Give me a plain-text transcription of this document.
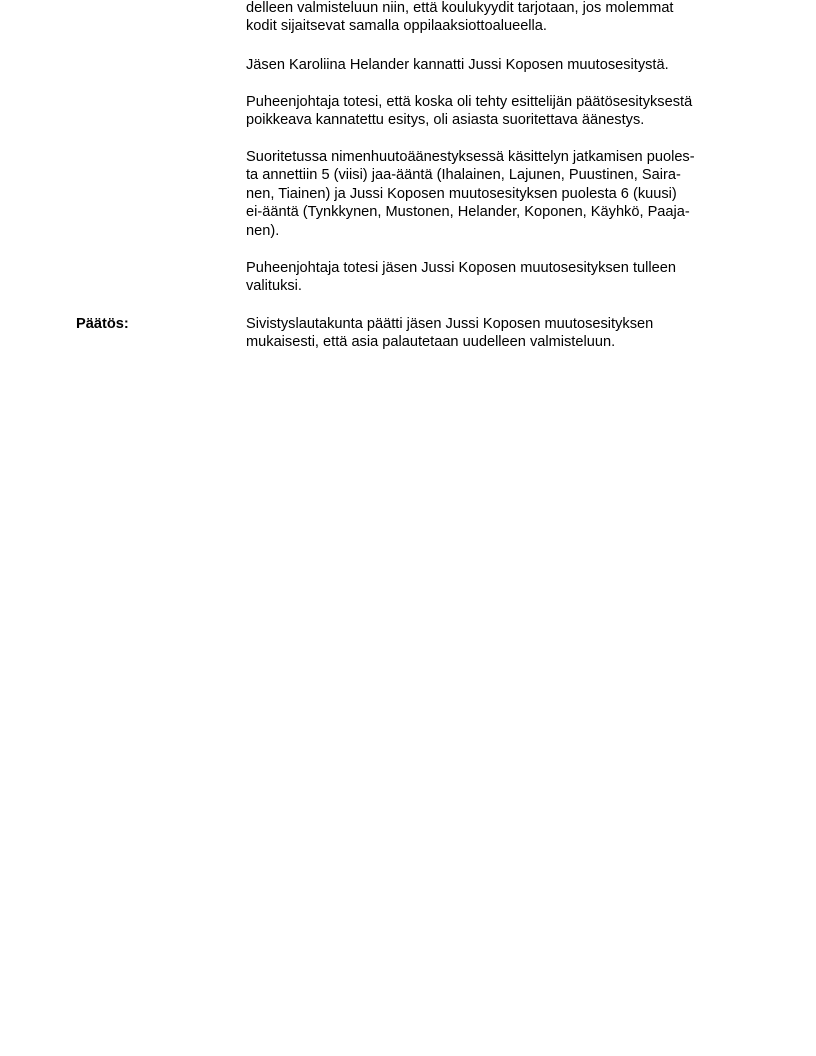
delleen valmisteluun niin, että koulukyydit tarjotaan, jos molemmat
kodit sijaitsevat samalla oppilaaksiottoalueella.
Jäsen Karoliina Helander kannatti Jussi Koposen muutosesitystä.
Puheenjohtaja totesi, että koska oli tehty esittelijän päätösesityksestä
poikkeava kannatettu esitys, oli asiasta suoritettava äänestys.
Suoritetussa nimenhuutoäänestyksessä käsittelyn jatkamisen puoles-
ta annettiin 5 (viisi) jaa-ääntä (Ihalainen, Lajunen, Puustinen, Saira-
nen, Tiainen) ja Jussi Koposen muutosesityksen puolesta 6 (kuusi)
ei-ääntä (Tynkkynen, Mustonen, Helander, Koponen, Käyhkö, Paaja-
nen).
Puheenjohtaja totesi jäsen Jussi Koposen muutosesityksen tulleen
valituksi.
Päätös:	Sivistyslautakunta päätti jäsen Jussi Koposen muutosesityksen
mukaisesti, että asia palautetaan uudelleen valmisteluun.
